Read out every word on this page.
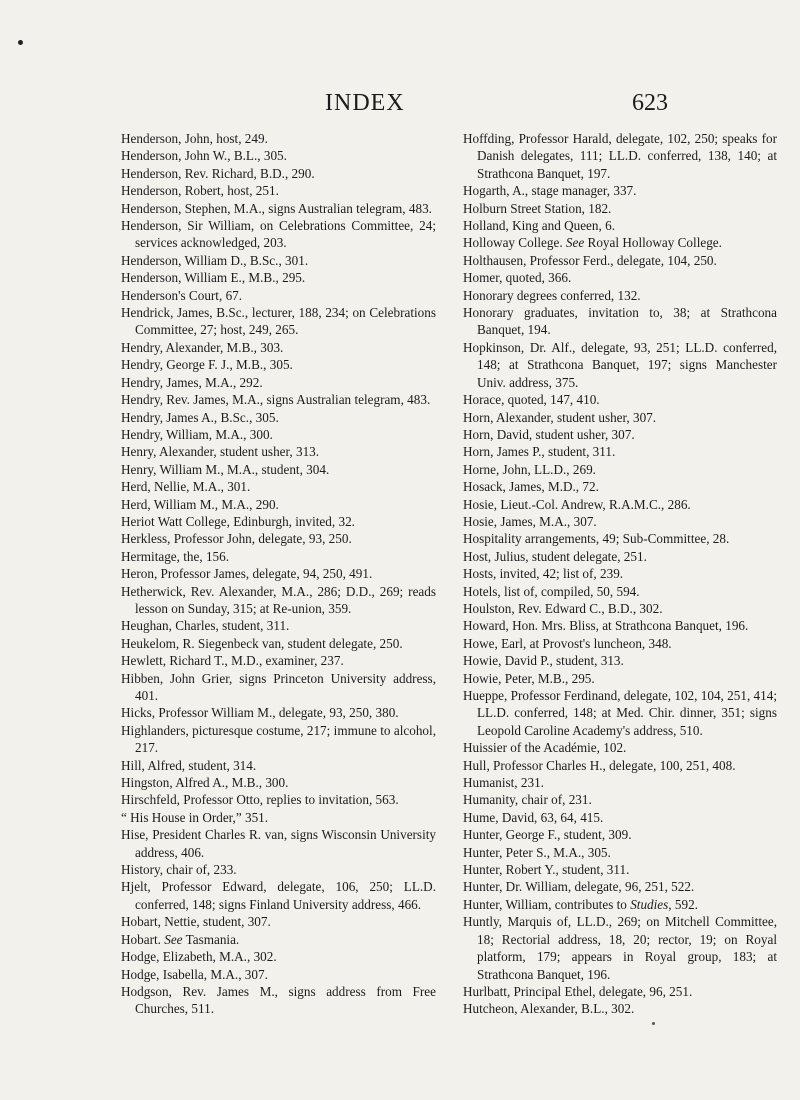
INDEX	623
Henderson, John, host, 249.
Henderson, John W., B.L., 305.
Henderson, Rev. Richard, B.D., 290.
Henderson, Robert, host, 251.
Henderson, Stephen, M.A., signs Australian telegram, 483.
Henderson, Sir William, on Celebrations Committee, 24; services acknowledged, 203.
Henderson, William D., B.Sc., 301.
Henderson, William E., M.B., 295.
Henderson's Court, 67.
Hendrick, James, B.Sc., lecturer, 188, 234; on Celebrations Committee, 27; host, 249, 265.
Hendry, Alexander, M.B., 303.
Hendry, George F. J., M.B., 305.
Hendry, James, M.A., 292.
Hendry, Rev. James, M.A., signs Australian telegram, 483.
Hendry, James A., B.Sc., 305.
Hendry, William, M.A., 300.
Henry, Alexander, student usher, 313.
Henry, William M., M.A., student, 304.
Herd, Nellie, M.A., 301.
Herd, William M., M.A., 290.
Heriot Watt College, Edinburgh, invited, 32.
Herkless, Professor John, delegate, 93, 250.
Hermitage, the, 156.
Heron, Professor James, delegate, 94, 250, 491.
Hetherwick, Rev. Alexander, M.A., 286; D.D., 269; reads lesson on Sunday, 315; at Re-union, 359.
Heughan, Charles, student, 311.
Heukelom, R. Siegenbeck van, student delegate, 250.
Hewlett, Richard T., M.D., examiner, 237.
Hibben, John Grier, signs Princeton University address, 401.
Hicks, Professor William M., delegate, 93, 250, 380.
Highlanders, picturesque costume, 217; immune to alcohol, 217.
Hill, Alfred, student, 314.
Hingston, Alfred A., M.B., 300.
Hirschfeld, Professor Otto, replies to invitation, 563.
“ His House in Order,” 351.
Hise, President Charles R. van, signs Wisconsin University address, 406.
History, chair of, 233.
Hjelt, Professor Edward, delegate, 106, 250; LL.D. conferred, 148; signs Finland University address, 466.
Hobart, Nettie, student, 307.
Hobart. See Tasmania.
Hodge, Elizabeth, M.A., 302.
Hodge, Isabella, M.A., 307.
Hodgson, Rev. James M., signs address from Free Churches, 511.
Hoffding, Professor Harald, delegate, 102, 250; speaks for Danish delegates, 111; LL.D. conferred, 138, 140; at Strathcona Banquet, 197.
Hogarth, A., stage manager, 337.
Holburn Street Station, 182.
Holland, King and Queen, 6.
Holloway College. See Royal Holloway College.
Holthausen, Professor Ferd., delegate, 104, 250.
Homer, quoted, 366.
Honorary degrees conferred, 132.
Honorary graduates, invitation to, 38; at Strathcona Banquet, 194.
Hopkinson, Dr. Alf., delegate, 93, 251; LL.D. conferred, 148; at Strathcona Banquet, 197; signs Manchester Univ. address, 375.
Horace, quoted, 147, 410.
Horn, Alexander, student usher, 307.
Horn, David, student usher, 307.
Horn, James P., student, 311.
Horne, John, LL.D., 269.
Hosack, James, M.D., 72.
Hosie, Lieut.-Col. Andrew, R.A.M.C., 286.
Hosie, James, M.A., 307.
Hospitality arrangements, 49; Sub-Committee, 28.
Host, Julius, student delegate, 251.
Hosts, invited, 42; list of, 239.
Hotels, list of, compiled, 50, 594.
Houlston, Rev. Edward C., B.D., 302.
Howard, Hon. Mrs. Bliss, at Strathcona Banquet, 196.
Howe, Earl, at Provost's luncheon, 348.
Howie, David P., student, 313.
Howie, Peter, M.B., 295.
Hueppe, Professor Ferdinand, delegate, 102, 104, 251, 414; LL.D. conferred, 148; at Med. Chir. dinner, 351; signs Leopold Caroline Academy's address, 510.
Huissier of the Académie, 102.
Hull, Professor Charles H., delegate, 100, 251, 408.
Humanist, 231.
Humanity, chair of, 231.
Hume, David, 63, 64, 415.
Hunter, George F., student, 309.
Hunter, Peter S., M.A., 305.
Hunter, Robert Y., student, 311.
Hunter, Dr. William, delegate, 96, 251, 522.
Hunter, William, contributes to Studies, 592.
Huntly, Marquis of, LL.D., 269; on Mitchell Committee, 18; Rectorial address, 18, 20; rector, 19; on Royal platform, 179; appears in Royal group, 183; at Strathcona Banquet, 196.
Hurlbatt, Principal Ethel, delegate, 96, 251.
Hutcheon, Alexander, B.L., 302.
